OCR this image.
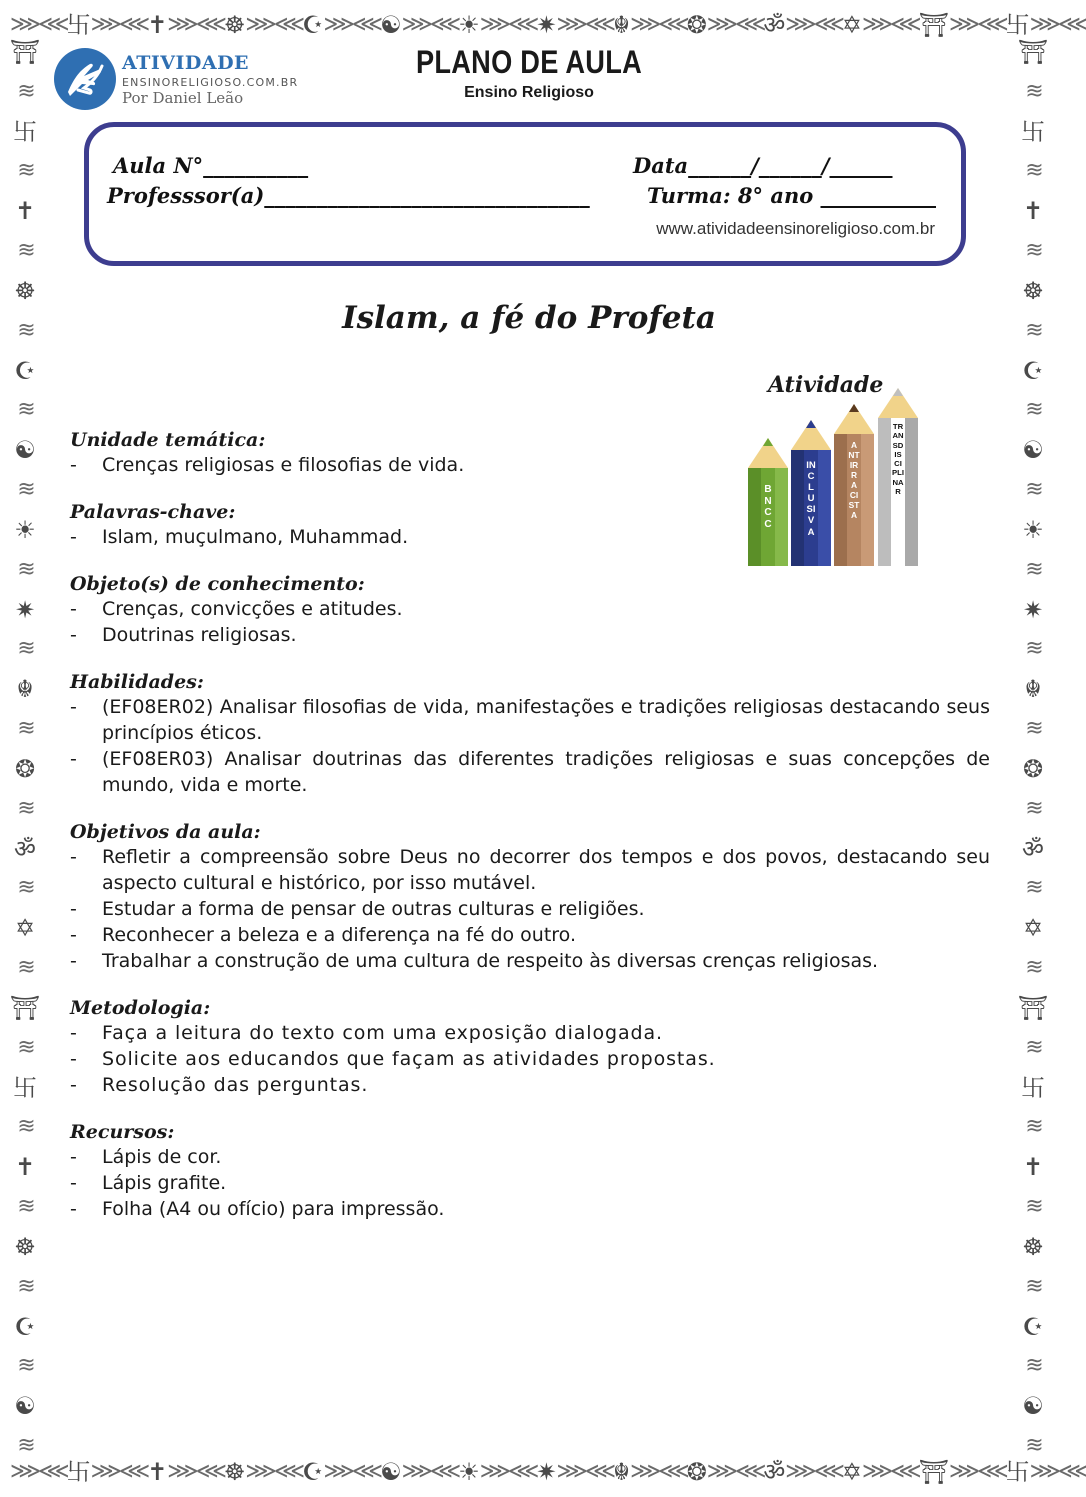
⋙⋘ 卐 ⋙⋘ ✝ ⋙⋘ ☸ ⋙⋘ ☪ ⋙⋘ ☯ ⋙⋘ ☀ ⋙⋘ ✷ ⋙⋘ ☬ ⋙⋘ ❂ ⋙⋘ ॐ ⋙⋘ ✡ ⋙⋘ ⛩ ⋙⋘ 卐 ⋙⋘
⋙⋘ 卐 ⋙⋘ ✝ ⋙⋘ ☸ ⋙⋘ ☪ ⋙⋘ ☯ ⋙⋘ ☀ ⋙⋘ ✷ ⋙⋘ ☬ ⋙⋘ ❂ ⋙⋘ ॐ ⋙⋘ ✡ ⋙⋘ ⛩ ⋙⋘ 卐 ⋙⋘
⛩
≋
卐
≋
✝
≋
☸
≋
☪
≋
☯
≋
☀
≋
✷
≋
☬
≋
❂
≋
ॐ
≋
✡
≋
⛩
≋
卐
≋
✝
≋
☸
≋
☪
≋
☯
≋
⛩
≋
卐
≋
✝
≋
☸
≋
☪
≋
☯
≋
☀
≋
✷
≋
☬
≋
❂
≋
ॐ
≋
✡
≋
⛩
≋
卐
≋
✝
≋
☸
≋
☪
≋
☯
≋
ATIVIDADE
ENSINORELIGIOSO.COM.BR
Por Daniel Leão
PLANO DE AULA
Ensino Religioso
Aula N°__________	Data______/______/______
Professsor(a)_______________________________	Turma: 8° ano ___________
www.atividadeensinoreligioso.com.br
Islam, a fé do Profeta
Atividade
BNCC
INCLUSIVA
ANTIRRACISTA
TRANSDISCIPLINAR
Unidade temática:
-	Crenças religiosas e filosofias de vida.
Palavras-chave:
-	Islam, muçulmano, Muhammad.
Objeto(s) de conhecimento:
-	Crenças, convicções e atitudes.
-	Doutrinas religiosas.
Habilidades:
-	(EF08ER02) Analisar filosofias de vida, manifestações e tradições religiosas destacando seus princípios éticos.
-	(EF08ER03) Analisar doutrinas das diferentes tradições religiosas e suas concepções de mundo, vida e morte.
Objetivos da aula:
-	Refletir a compreensão sobre Deus no decorrer dos tempos e dos povos, destacando seu aspecto cultural e histórico, por isso mutável.
-	Estudar a forma de pensar de outras culturas e religiões.
-	Reconhecer a beleza e a diferença na fé do outro.
-	Trabalhar a construção de uma cultura de respeito às diversas crenças religiosas.
Metodologia:
-	Faça a leitura do texto com uma exposição dialogada.
-	Solicite aos educandos que façam as atividades propostas.
-	Resolução das perguntas.
Recursos:
-	Lápis de cor.
-	Lápis grafite.
-	Folha (A4 ou ofício) para impressão.
